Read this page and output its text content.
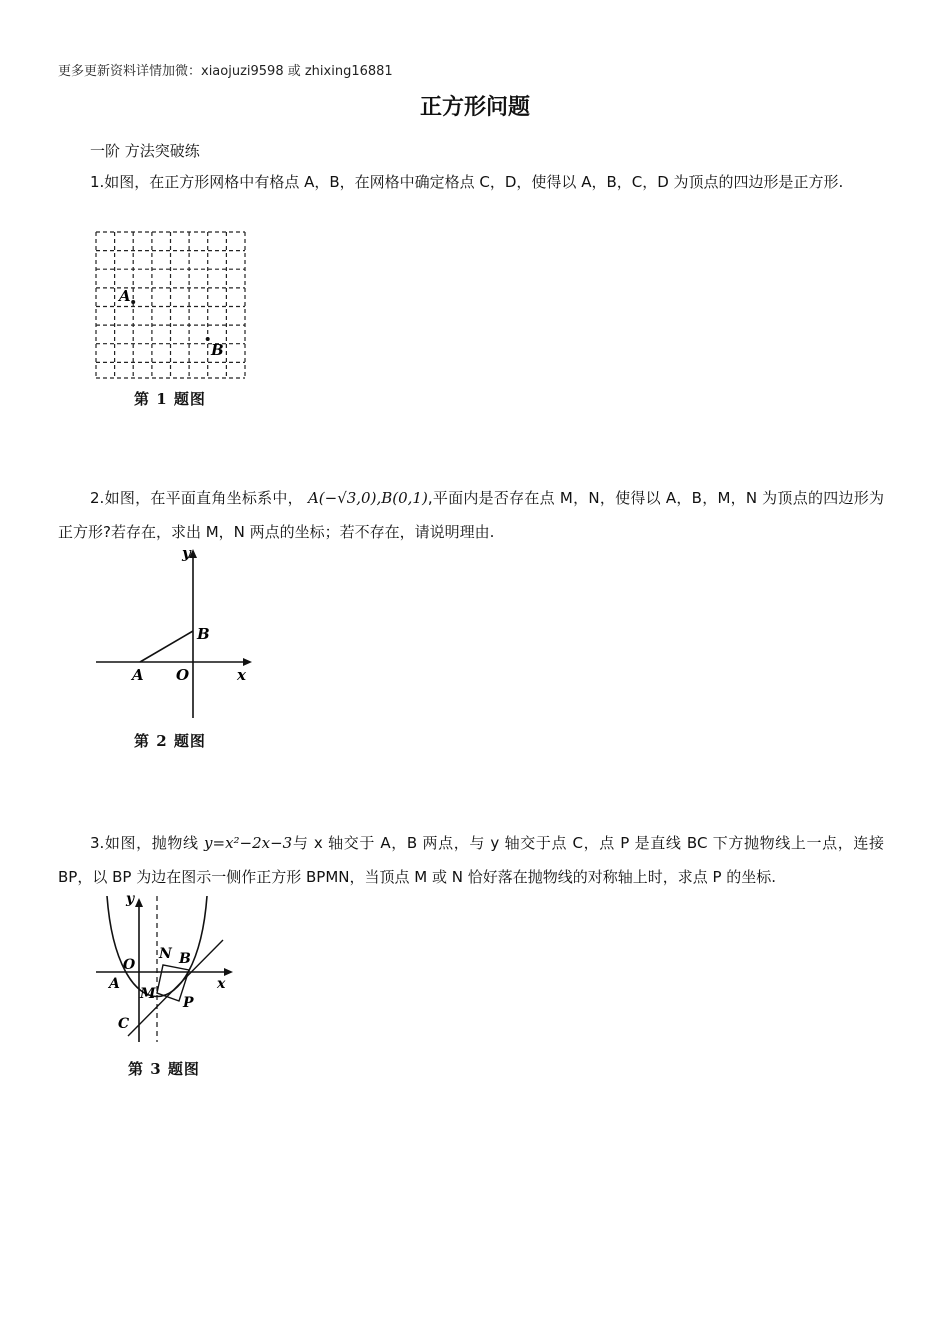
更多更新资料详情加微：xiaojuzi9598 或 zhixing16881
正方形问题
一阶 方法突破练
1.如图，在正方形网格中有格点 A，B，在网格中确定格点 C，D，使得以 A，B，C，D 为顶点的四边形是正方形.
A
B
第 1 题图
2.如图，在平面直角坐标系中， A(−√3,0),B(0,1),平面内是否存在点 M，N，使得以 A，B，M，N 为顶点的四边形为正方形?若存在，求出 M，N 两点的坐标；若不存在，请说明理由.
y
x
A O
B
第 2 题图
3.如图，抛物线 y=x²−2x−3与 x 轴交于 A，B 两点，与 y 轴交于点 C，点 P 是直线 BC 下方抛物线上一点，连接 BP，以 BP 为边在图示一侧作正方形 BPMN，当顶点 M 或 N 恰好落在抛物线的对称轴上时，求点 P 的坐标.
y
x
O
A
N B
M
P
C
第 3 题图
